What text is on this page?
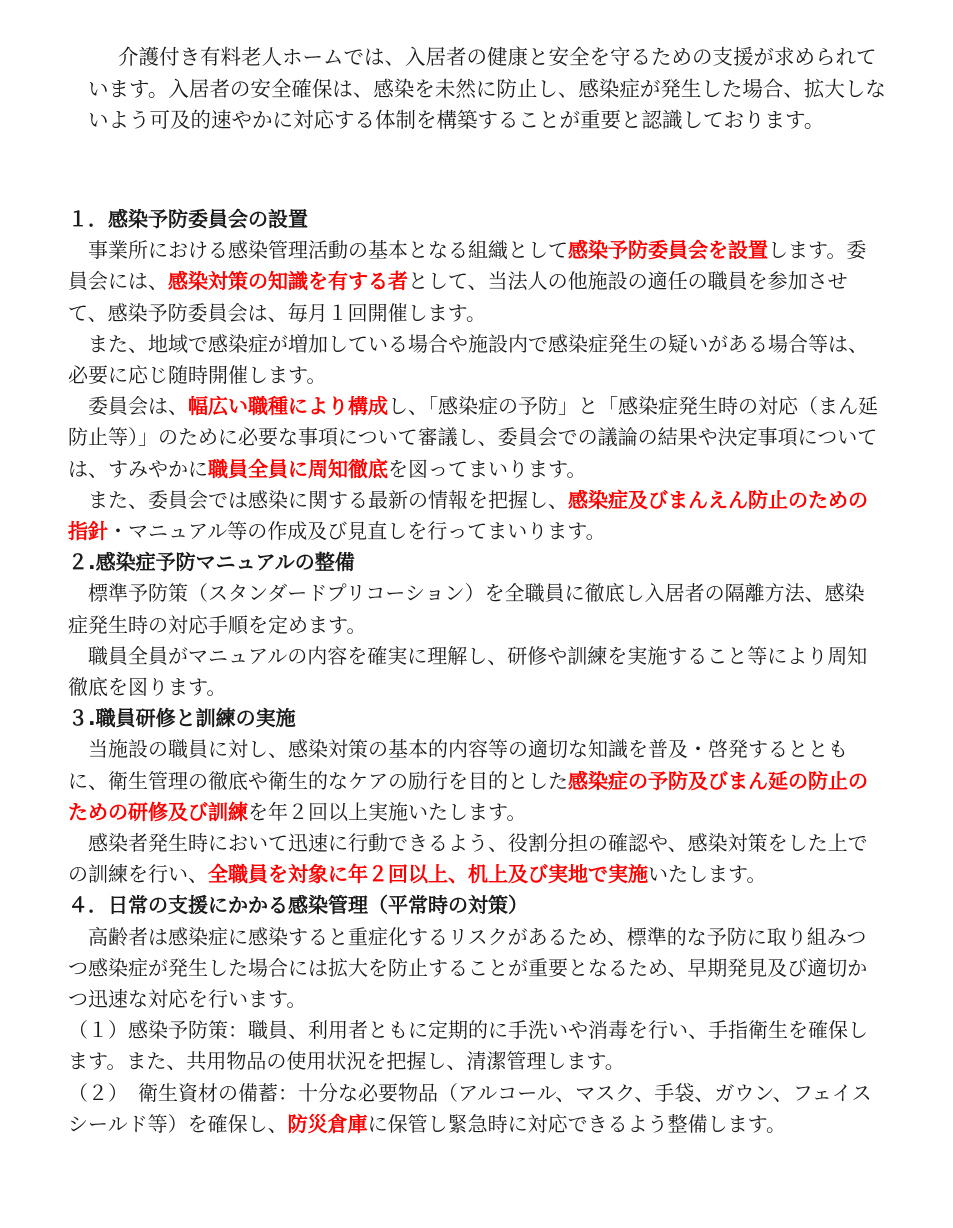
介護付き有料老人ホームでは、入居者の健康と安全を守るための支援が求められています。入居者の安全確保は、感染を未然に防止し、感染症が発生した場合、拡大しないよう可及的速やかに対応する体制を構築することが重要と認識しております。

１．感染予防委員会の設置

事業所における感染管理活動の基本となる組織として感染予防委員会を設置します。委員会には、感染対策の知識を有する者として、当法人の他施設の適任の職員を参加させて、感染予防委員会は、毎月１回開催します。

また、地域で感染症が増加している場合や施設内で感染症発生の疑いがある場合等は、必要に応じ随時開催します。

委員会は、幅広い職種により構成し、「感染症の予防」と「感染症発生時の対応（まん延防止等）」のために必要な事項について審議し、委員会での議論の結果や決定事項については、すみやかに職員全員に周知徹底を図ってまいります。

また、委員会では感染に関する最新の情報を把握し、感染症及びまんえん防止のための指針・マニュアル等の作成及び見直しを行ってまいります。

２.感染症予防マニュアルの整備

標準予防策（スタンダードプリコーション）を全職員に徹底し入居者の隔離方法、感染症発生時の対応手順を定めます。

職員全員がマニュアルの内容を確実に理解し、研修や訓練を実施すること等により周知徹底を図ります。

３.職員研修と訓練の実施

当施設の職員に対し、感染対策の基本的内容等の適切な知識を普及・啓発するとともに、衛生管理の徹底や衛生的なケアの励行を目的とした感染症の予防及びまん延の防止のための研修及び訓練を年２回以上実施いたします。

感染者発生時において迅速に行動できるよう、役割分担の確認や、感染対策をした上での訓練を行い、全職員を対象に年２回以上、机上及び実地で実施いたします。

４．日常の支援にかかる感染管理（平常時の対策）

高齢者は感染症に感染すると重症化するリスクがあるため、標準的な予防に取り組みつつ感染症が発生した場合には拡大を防止することが重要となるため、早期発見及び適切かつ迅速な対応を行います。

（１）感染予防策：職員、利用者ともに定期的に手洗いや消毒を行い、手指衛生を確保します。また、共用物品の使用状況を把握し、清潔管理します。

（２）　衛生資材の備蓄：十分な必要物品（アルコール、マスク、手袋、ガウン、フェイスシールド等）を確保し、防災倉庫に保管し緊急時に対応できるよう整備します。
